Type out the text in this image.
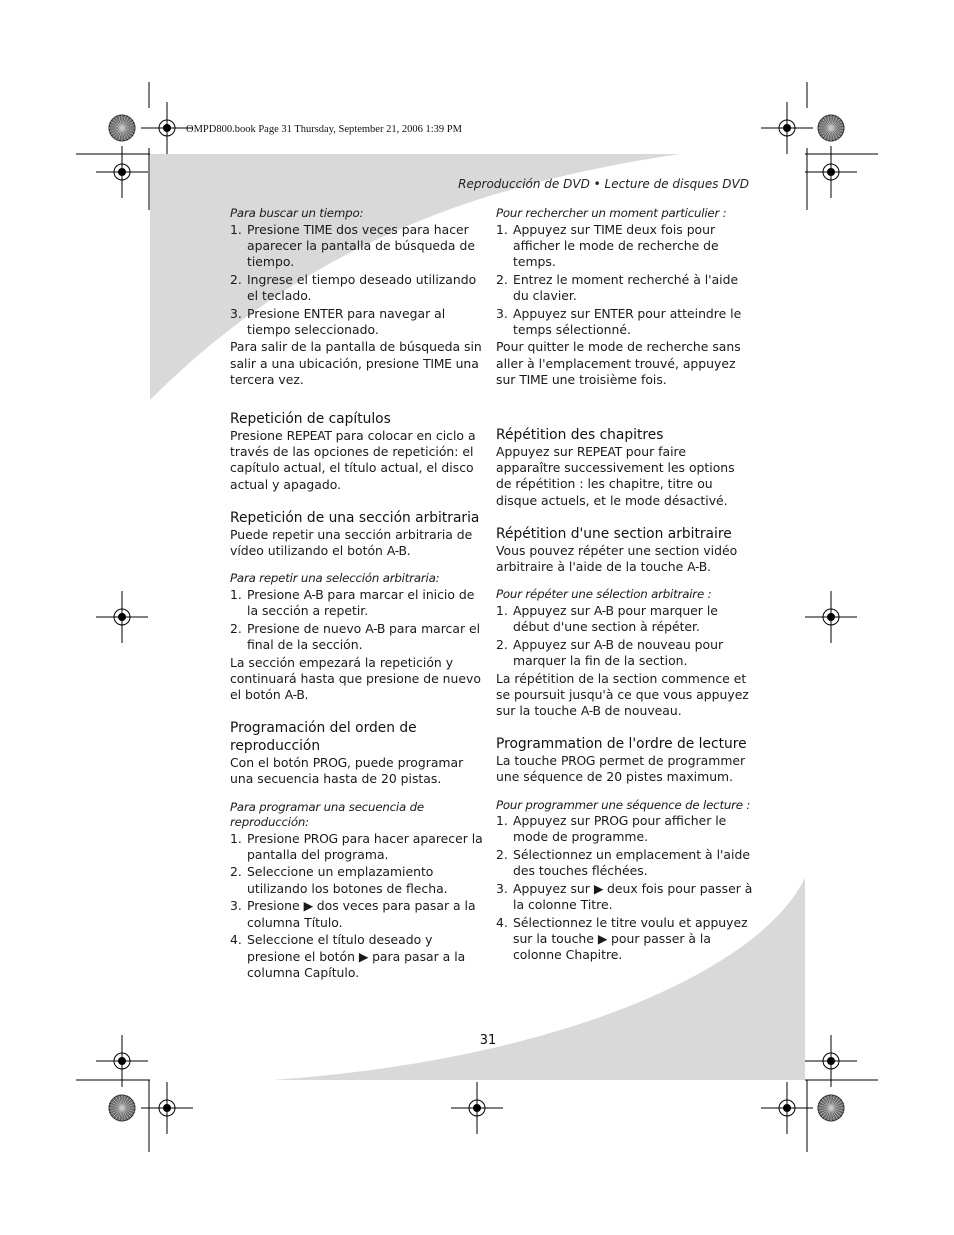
OMPD800.book Page 31 Thursday, September 21, 2006 1:39 PM
Reproducción de DVD • Lecture de disques DVD
Para buscar un tiempo:
1. Presione TIME dos veces para hacer aparecer la pantalla de búsqueda de tiempo.
2. Ingrese el tiempo deseado utilizando el teclado.
3. Presione ENTER para navegar al tiempo seleccionado.

Para salir de la pantalla de búsqueda sin salir a una ubicación, presione TIME una tercera vez.

Repetición de capítulos

Presione REPEAT para colocar en ciclo a través de las opciones de repetición: el capítulo actual, el título actual, el disco actual y apagado.

Repetición de una sección arbitraria

Puede repetir una sección arbitraria de vídeo utilizando el botón A-B.

Para repetir una selección arbitraria:
1. Presione A-B para marcar el inicio de la sección a repetir.
2. Presione de nuevo A-B para marcar el final de la sección.

La sección empezará la repetición y continuará hasta que presione de nuevo el botón A-B.

Programación del orden de reproducción

Con el botón PROG, puede programar una secuencia hasta de 20 pistas.

Para programar una secuencia de reproducción:
1. Presione PROG para hacer aparecer la pantalla del programa.
2. Seleccione un emplazamiento utilizando los botones de flecha.
3. Presione ▶ dos veces para pasar a la columna Título.
4. Seleccione el título deseado y presione el botón ▶ para pasar a la columna Capítulo.
Pour rechercher un moment particulier :
1. Appuyez sur TIME deux fois pour afficher le mode de recherche de temps.
2. Entrez le moment recherché à l'aide du clavier.
3. Appuyez sur ENTER pour atteindre le temps sélectionné.

Pour quitter le mode de recherche sans aller à l'emplacement trouvé, appuyez sur TIME une troisième fois.

Répétition des chapitres

Appuyez sur REPEAT pour faire apparaître successivement les options de répétition : les chapitre, titre ou disque actuels, et le mode désactivé.

Répétition d'une section arbitraire

Vous pouvez répéter une section vidéo arbitraire à l'aide de la touche A-B.

Pour répéter une sélection arbitraire :
1. Appuyez sur A-B pour marquer le début d'une section à répéter.
2. Appuyez sur A-B de nouveau pour marquer la fin de la section.

La répétition de la section commence et se poursuit jusqu'à ce que vous appuyez sur la touche A-B de nouveau.

Programmation de l'ordre de lecture

La touche PROG permet de programmer une séquence de 20 pistes maximum.

Pour programmer une séquence de lecture :
1. Appuyez sur PROG pour afficher le mode de programme.
2. Sélectionnez un emplacement à l'aide des touches fléchées.
3. Appuyez sur ▶ deux fois pour passer à la colonne Titre.
4. Sélectionnez le titre voulu et appuyez sur la touche ▶ pour passer à la colonne Chapitre.
31
